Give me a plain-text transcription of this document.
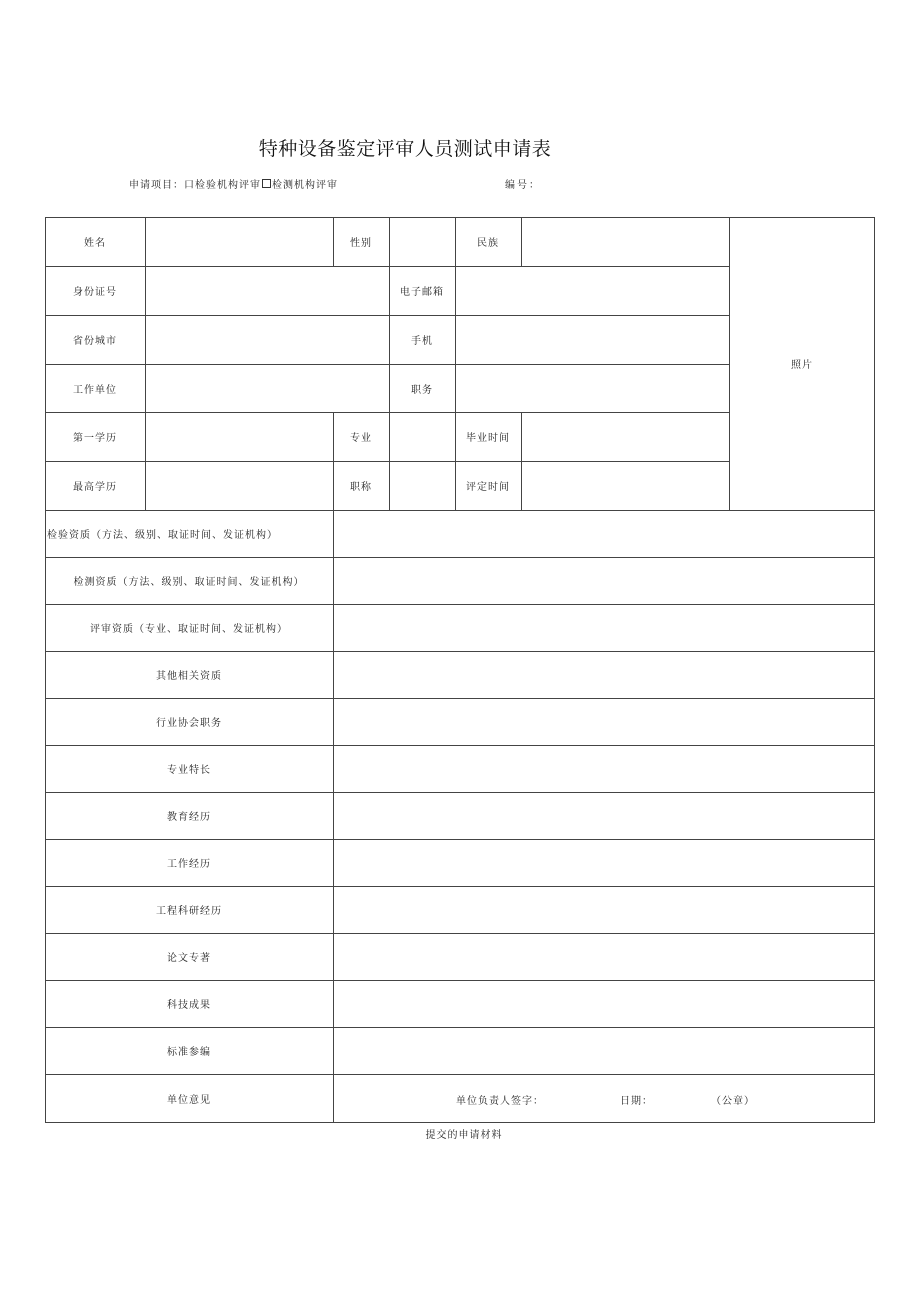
特种设备鉴定评审人员测试申请表
申请项目：口检验机构评审 检测机构评审	编号：
姓名	性别	民族
身份证号	电子邮箱
省份城市	手机
工作单位	职务
第一学历	专业	毕业时间
最高学历	职称	评定时间
照片
检验资质（方法、级别、取证时间、发证机构）
检测资质（方法、级别、取证时间、发证机构）
评审资质（专业、取证时间、发证机构）
其他相关资质
行业协会职务
专业特长
教育经历
工作经历
工程科研经历
论文专著
科技成果
标准参编
单位意见	单位负责人签字：	日期：	（公章）
提交的申请材料
